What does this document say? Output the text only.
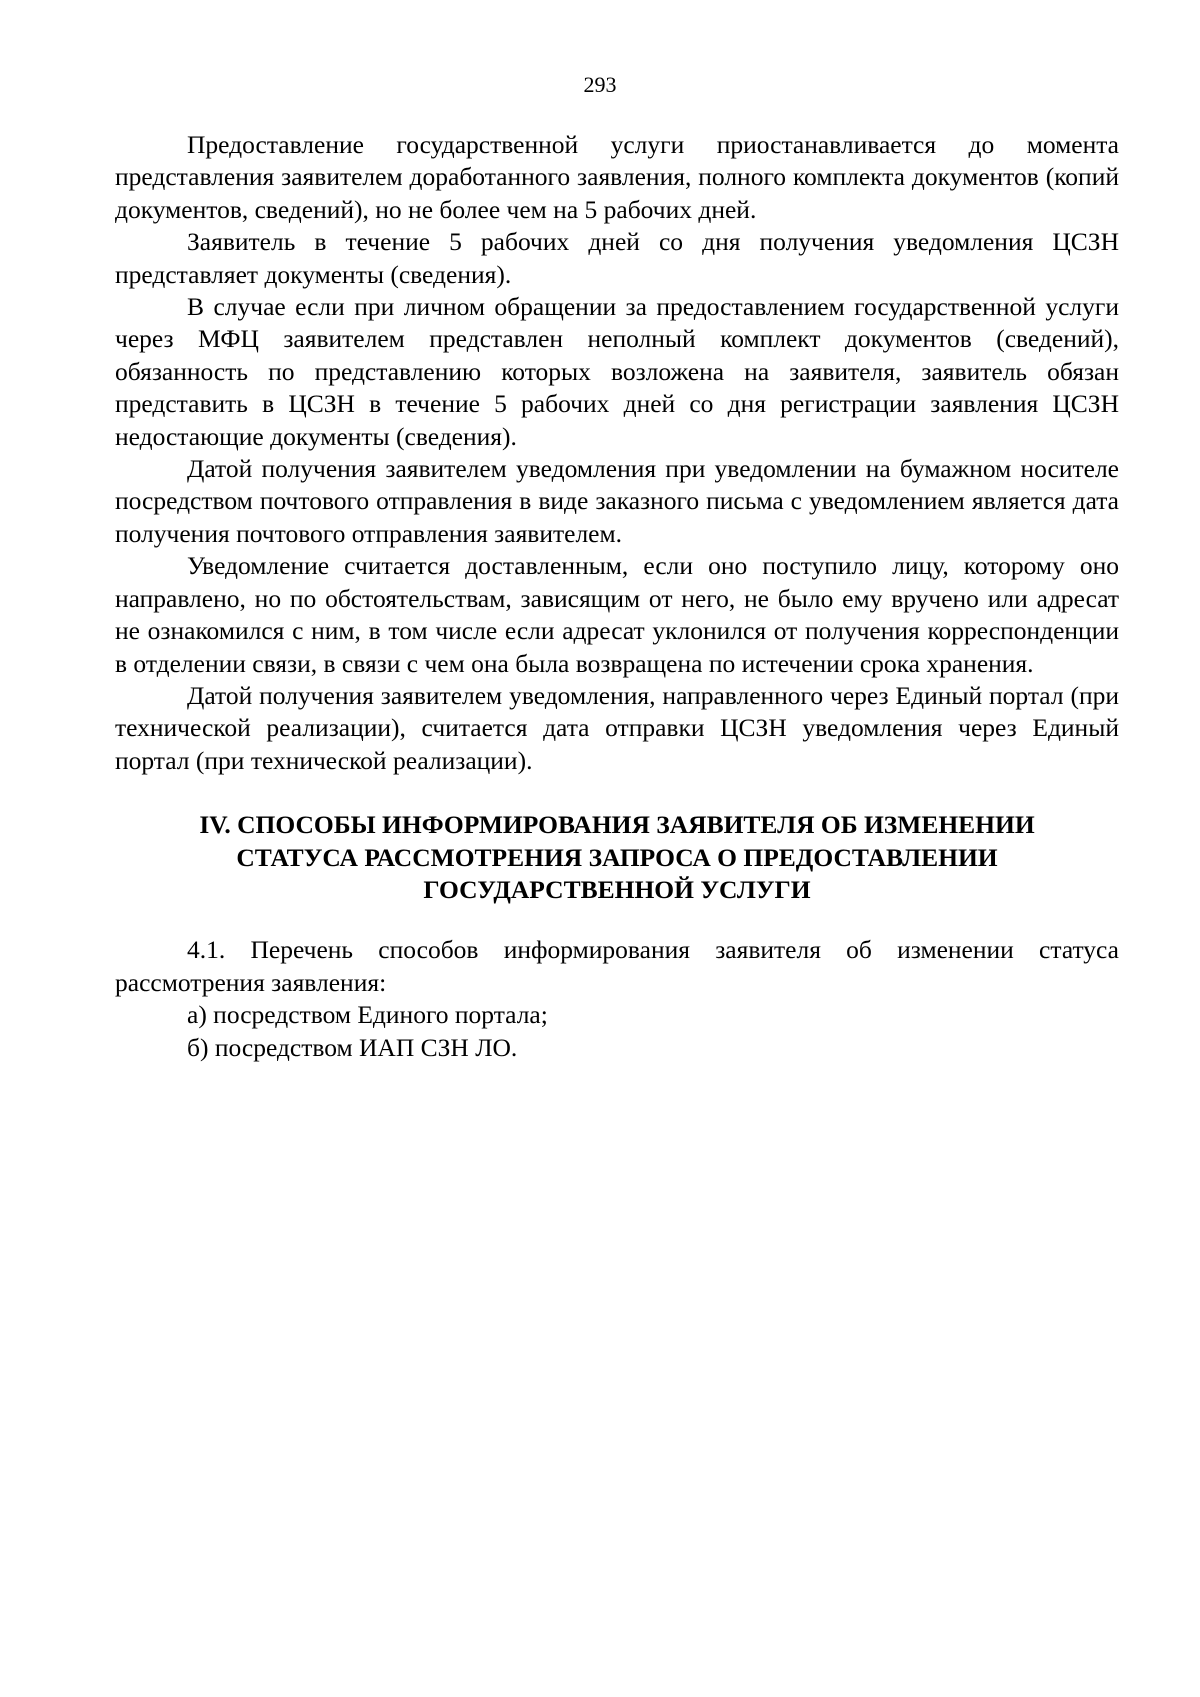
293

Предоставление государственной услуги приостанавливается до момента представления заявителем доработанного заявления, полного комплекта документов (копий документов, сведений), но не более чем на 5 рабочих дней.

Заявитель в течение 5 рабочих дней со дня получения уведомления ЦСЗН представляет документы (сведения).

В случае если при личном обращении за предоставлением государственной услуги через МФЦ заявителем представлен неполный комплект документов (сведений), обязанность по представлению которых возложена на заявителя, заявитель обязан представить в ЦСЗН в течение 5 рабочих дней со дня регистрации заявления ЦСЗН недостающие документы (сведения).

Датой получения заявителем уведомления при уведомлении на бумажном носителе посредством почтового отправления в виде заказного письма с уведомлением является дата получения почтового отправления заявителем.

Уведомление считается доставленным, если оно поступило лицу, которому оно направлено, но по обстоятельствам, зависящим от него, не было ему вручено или адресат не ознакомился с ним, в том числе если адресат уклонился от получения корреспонденции в отделении связи, в связи с чем она была возвращена по истечении срока хранения.

Датой получения заявителем уведомления, направленного через Единый портал (при технической реализации), считается дата отправки ЦСЗН уведомления через Единый портал (при технической реализации).

IV. СПОСОБЫ ИНФОРМИРОВАНИЯ ЗАЯВИТЕЛЯ ОБ ИЗМЕНЕНИИ
СТАТУСА РАССМОТРЕНИЯ ЗАПРОСА О ПРЕДОСТАВЛЕНИИ
ГОСУДАРСТВЕННОЙ УСЛУГИ

4.1. Перечень способов информирования заявителя об изменении статуса рассмотрения заявления:

а) посредством Единого портала;

б) посредством ИАП СЗН ЛО.
